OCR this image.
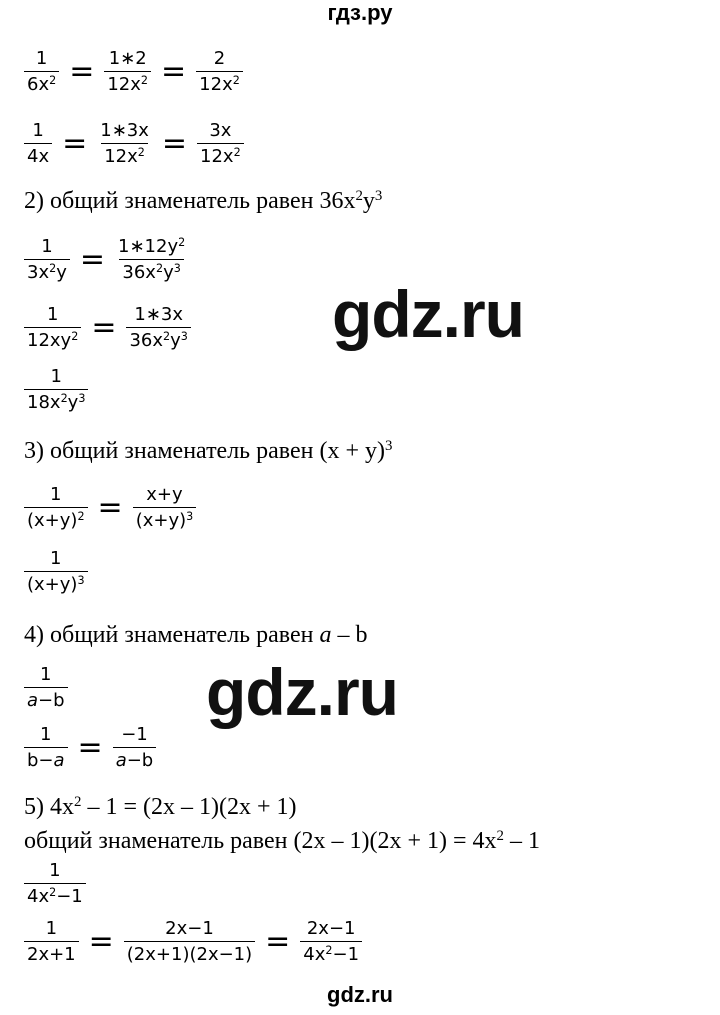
гдз.ру
$\frac{1}{6x^2} = \frac{1∗2}{12x^2} = \frac{2}{12x^2}$
$\frac{1}{4x} = \frac{1∗3x}{12x^2} = \frac{3x}{12x^2}$
2) общий знаменатель равен $36x^2y^3$
$\frac{1}{3x^2y} = \frac{1∗12y^2}{36x^2y^3}$
$\frac{1}{12xy^2} = \frac{1∗3x}{36x^2y^3}$
$\frac{1}{18x^2y^3}$
gdz.ru
3) общий знаменатель равен $(x + y)^3$
$\frac{1}{(x+y)^2} = \frac{x+y}{(x+y)^3}$
$\frac{1}{(x+y)^3}$
4) общий знаменатель равен a – b
$\frac{1}{a-b}$
$\frac{1}{b-a} = \frac{-1}{a-b}$
gdz.ru
5) $4x^2 - 1 = (2x - 1)(2x + 1)$
общий знаменатель равен $(2x - 1)(2x + 1) = 4x^2 - 1$
$\frac{1}{4x^2-1}$
$\frac{1}{2x+1} = \frac{2x-1}{(2x+1)(2x-1)} = \frac{2x-1}{4x^2-1}$
gdz.ru
